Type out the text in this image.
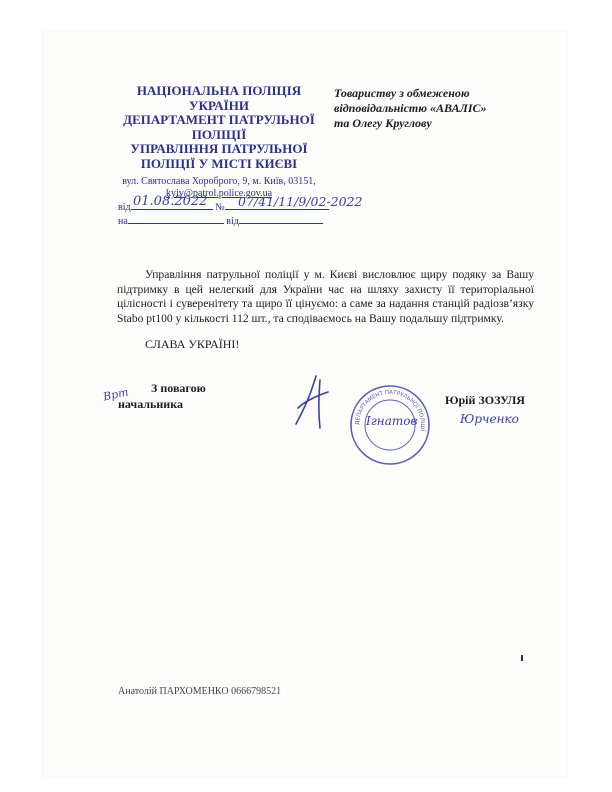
НАЦІОНАЛЬНА ПОЛІЦІЯ
УКРАЇНИ
ДЕПАРТАМЕНТ ПАТРУЛЬНОЇ
ПОЛІЦІЇ
УПРАВЛІННЯ ПАТРУЛЬНОЇ
ПОЛІЦІЇ У МІСТІ КИЄВІ
вул. Святослава Хороброго, 9, м. Київ, 03151,
kyiv@patrol.police.gov.ua
від	№
01.08.2022 07/41/11/9/02-2022
на	від
Товариству з обмеженою
відповідальністю «АВАЛІС»
та Олегу Круглову
Управління патрульної поліції у м. Києві висловлює щиру подяку за Вашу підтримку в цей нелегкий для України час на шляху захисту її територіальної цілісності і суверенітету та щиро її цінуємо: а саме за надання станцій радіозв’язку Stabo pt100 у кількості 112 шт., та сподіваємось на Вашу подальшу підтримку.
СЛАВА УКРАЇНІ!
Врт	З повагою
начальника
ДЕПАРТАМЕНТ ПАТРУЛЬНОЇ ПОЛІЦІЇ
Ігнатов
Юрій ЗОЗУЛЯ
Юрченко
Анатолій ПАРХОМЕНКО 0666798521
